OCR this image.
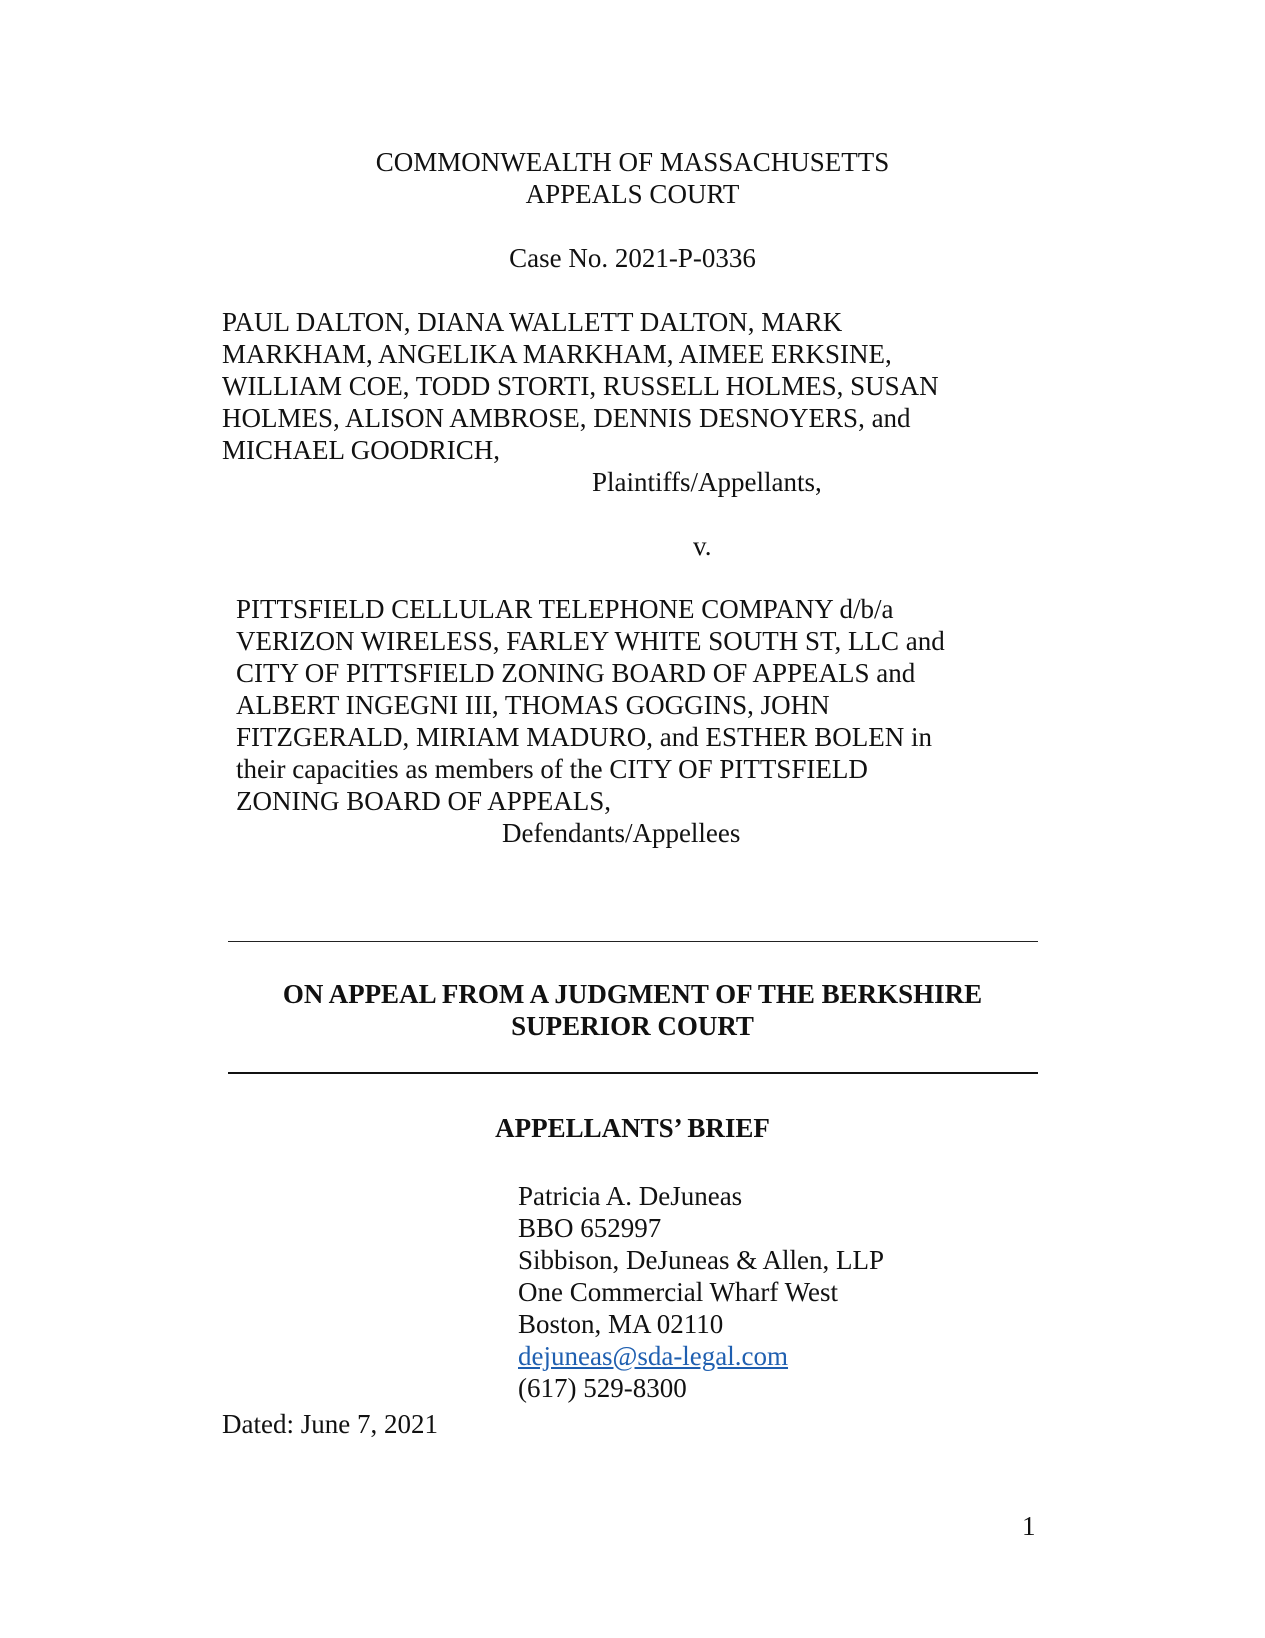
COMMONWEALTH OF MASSACHUSETTS
APPEALS COURT
Case No. 2021-P-0336
PAUL DALTON, DIANA WALLETT DALTON, MARK
MARKHAM, ANGELIKA MARKHAM, AIMEE ERKSINE,
WILLIAM COE, TODD STORTI, RUSSELL HOLMES, SUSAN
HOLMES, ALISON AMBROSE, DENNIS DESNOYERS, and
MICHAEL GOODRICH,
Plaintiffs/Appellants,
v.
PITTSFIELD CELLULAR TELEPHONE COMPANY d/b/a
VERIZON WIRELESS, FARLEY WHITE SOUTH ST, LLC and
CITY OF PITTSFIELD ZONING BOARD OF APPEALS and
ALBERT INGEGNI III, THOMAS GOGGINS, JOHN
FITZGERALD, MIRIAM MADURO, and ESTHER BOLEN in
their capacities as members of the CITY OF PITTSFIELD
ZONING BOARD OF APPEALS,
Defendants/Appellees
ON APPEAL FROM A JUDGMENT OF THE BERKSHIRE
SUPERIOR COURT
APPELLANTS’ BRIEF
Patricia A. DeJuneas
BBO 652997
Sibbison, DeJuneas & Allen, LLP
One Commercial Wharf West
Boston, MA 02110
dejuneas@sda-legal.com
(617) 529-8300
Dated: June 7, 2021
1
